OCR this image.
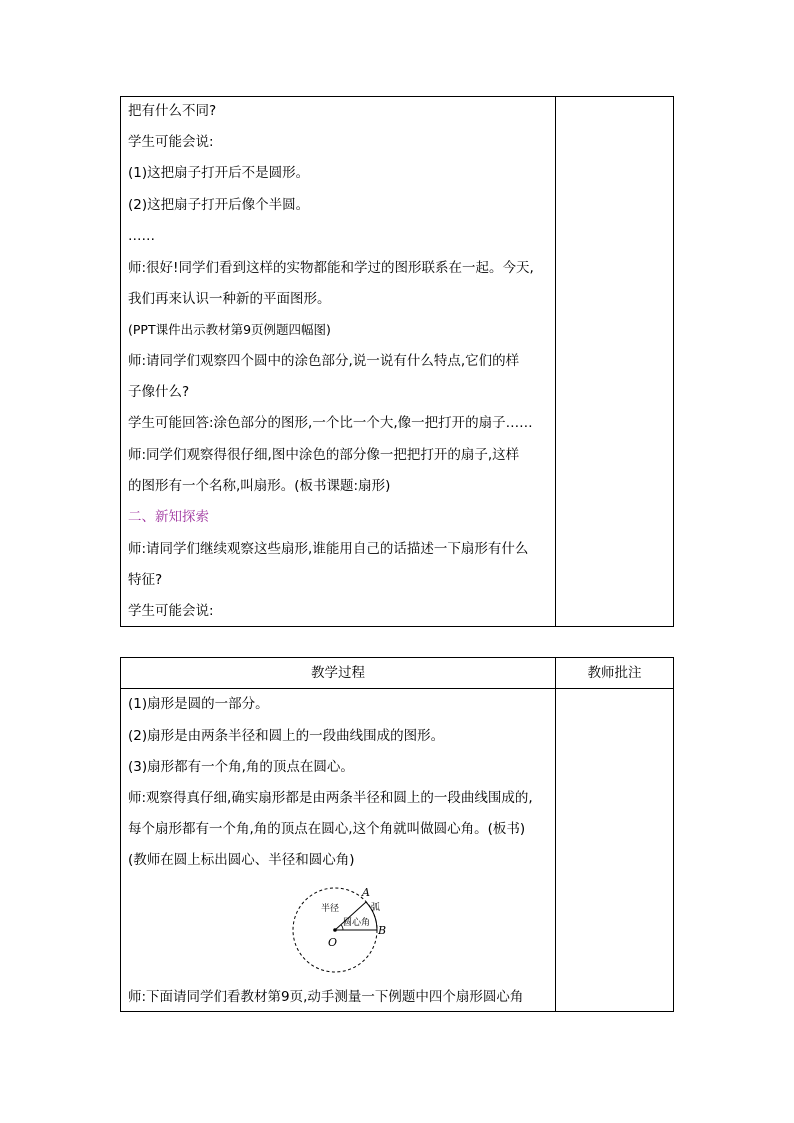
把有什么不同?
学生可能会说:
(1)这把扇子打开后不是圆形。
(2)这把扇子打开后像个半圆。
……
师:很好!同学们看到这样的实物都能和学过的图形联系在一起。今天,
我们再来认识一种新的平面图形。
(PPT课件出示教材第9页例题四幅图)
师:请同学们观察四个圆中的涂色部分,说一说有什么特点,它们的样
子像什么?
学生可能回答:涂色部分的图形,一个比一个大,像一把打开的扇子……
师:同学们观察得很仔细,图中涂色的部分像一把把打开的扇子,这样
的图形有一个名称,叫扇形。(板书课题:扇形)
二、新知探索
师:请同学们继续观察这些扇形,谁能用自己的话描述一下扇形有什么
特征?
学生可能会说:
教学过程	教师批注
(1)扇形是圆的一部分。
(2)扇形是由两条半径和圆上的一段曲线围成的图形。
(3)扇形都有一个角,角的顶点在圆心。
师:观察得真仔细,确实扇形都是由两条半径和圆上的一段曲线围成的,
每个扇形都有一个角,角的顶点在圆心,这个角就叫做圆心角。(板书)
(教师在圆上标出圆心、半径和圆心角)
A
B
O
半径	弧
圆心角
师:下面请同学们看教材第9页,动手测量一下例题中四个扇形圆心角
